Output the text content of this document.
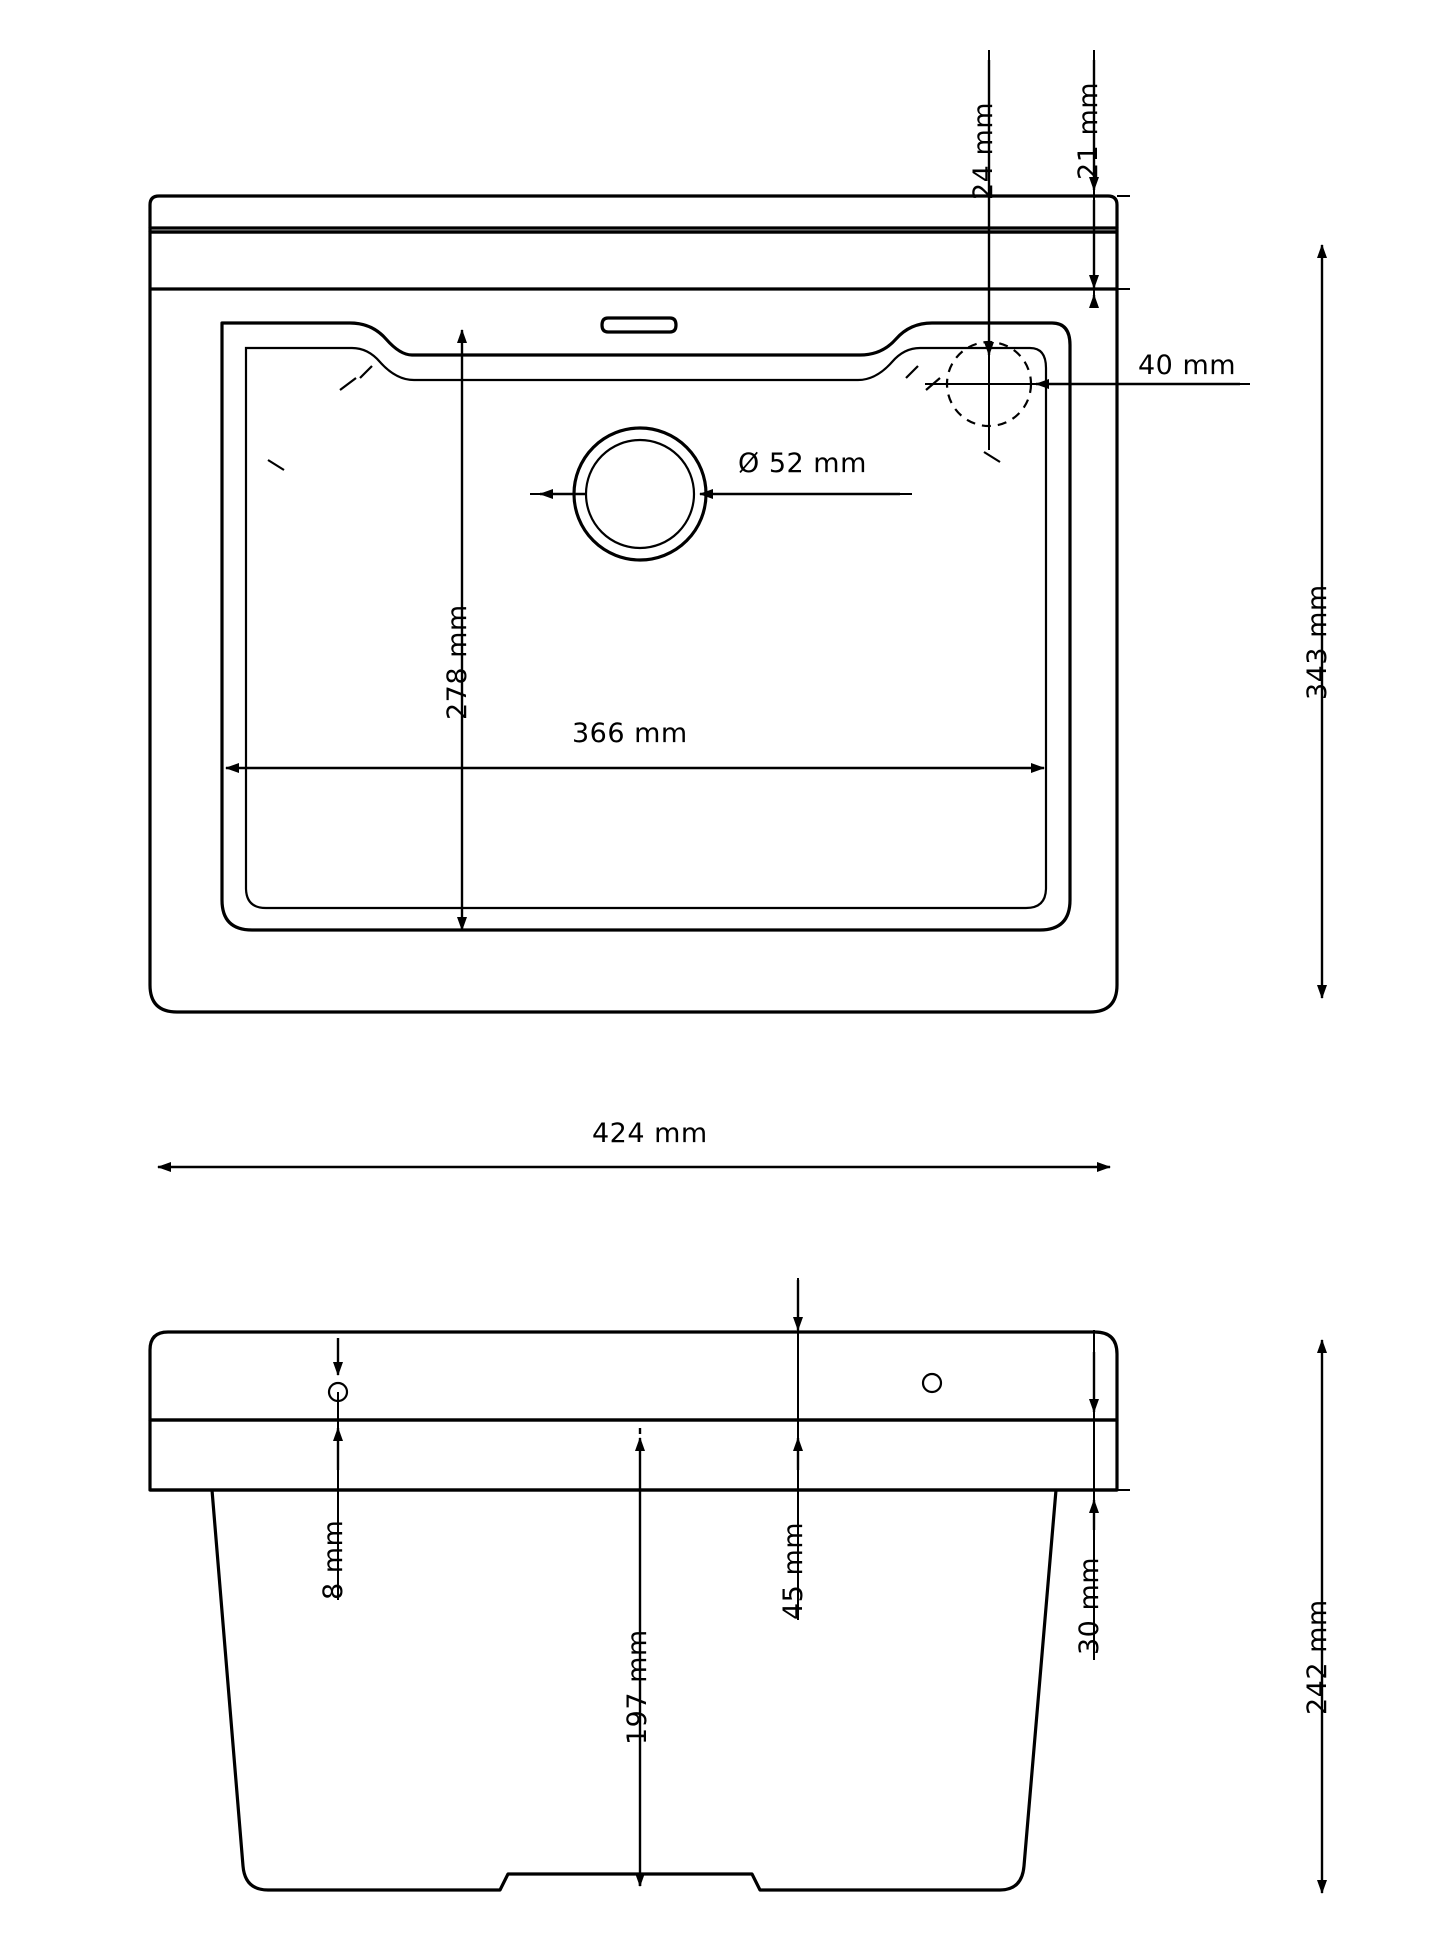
24 mm	21 mm
40 mm
Ø 52 mm
278 mm
366 mm
343 mm
424 mm
8 mm
197 mm
45 mm	30 mm	242 mm
